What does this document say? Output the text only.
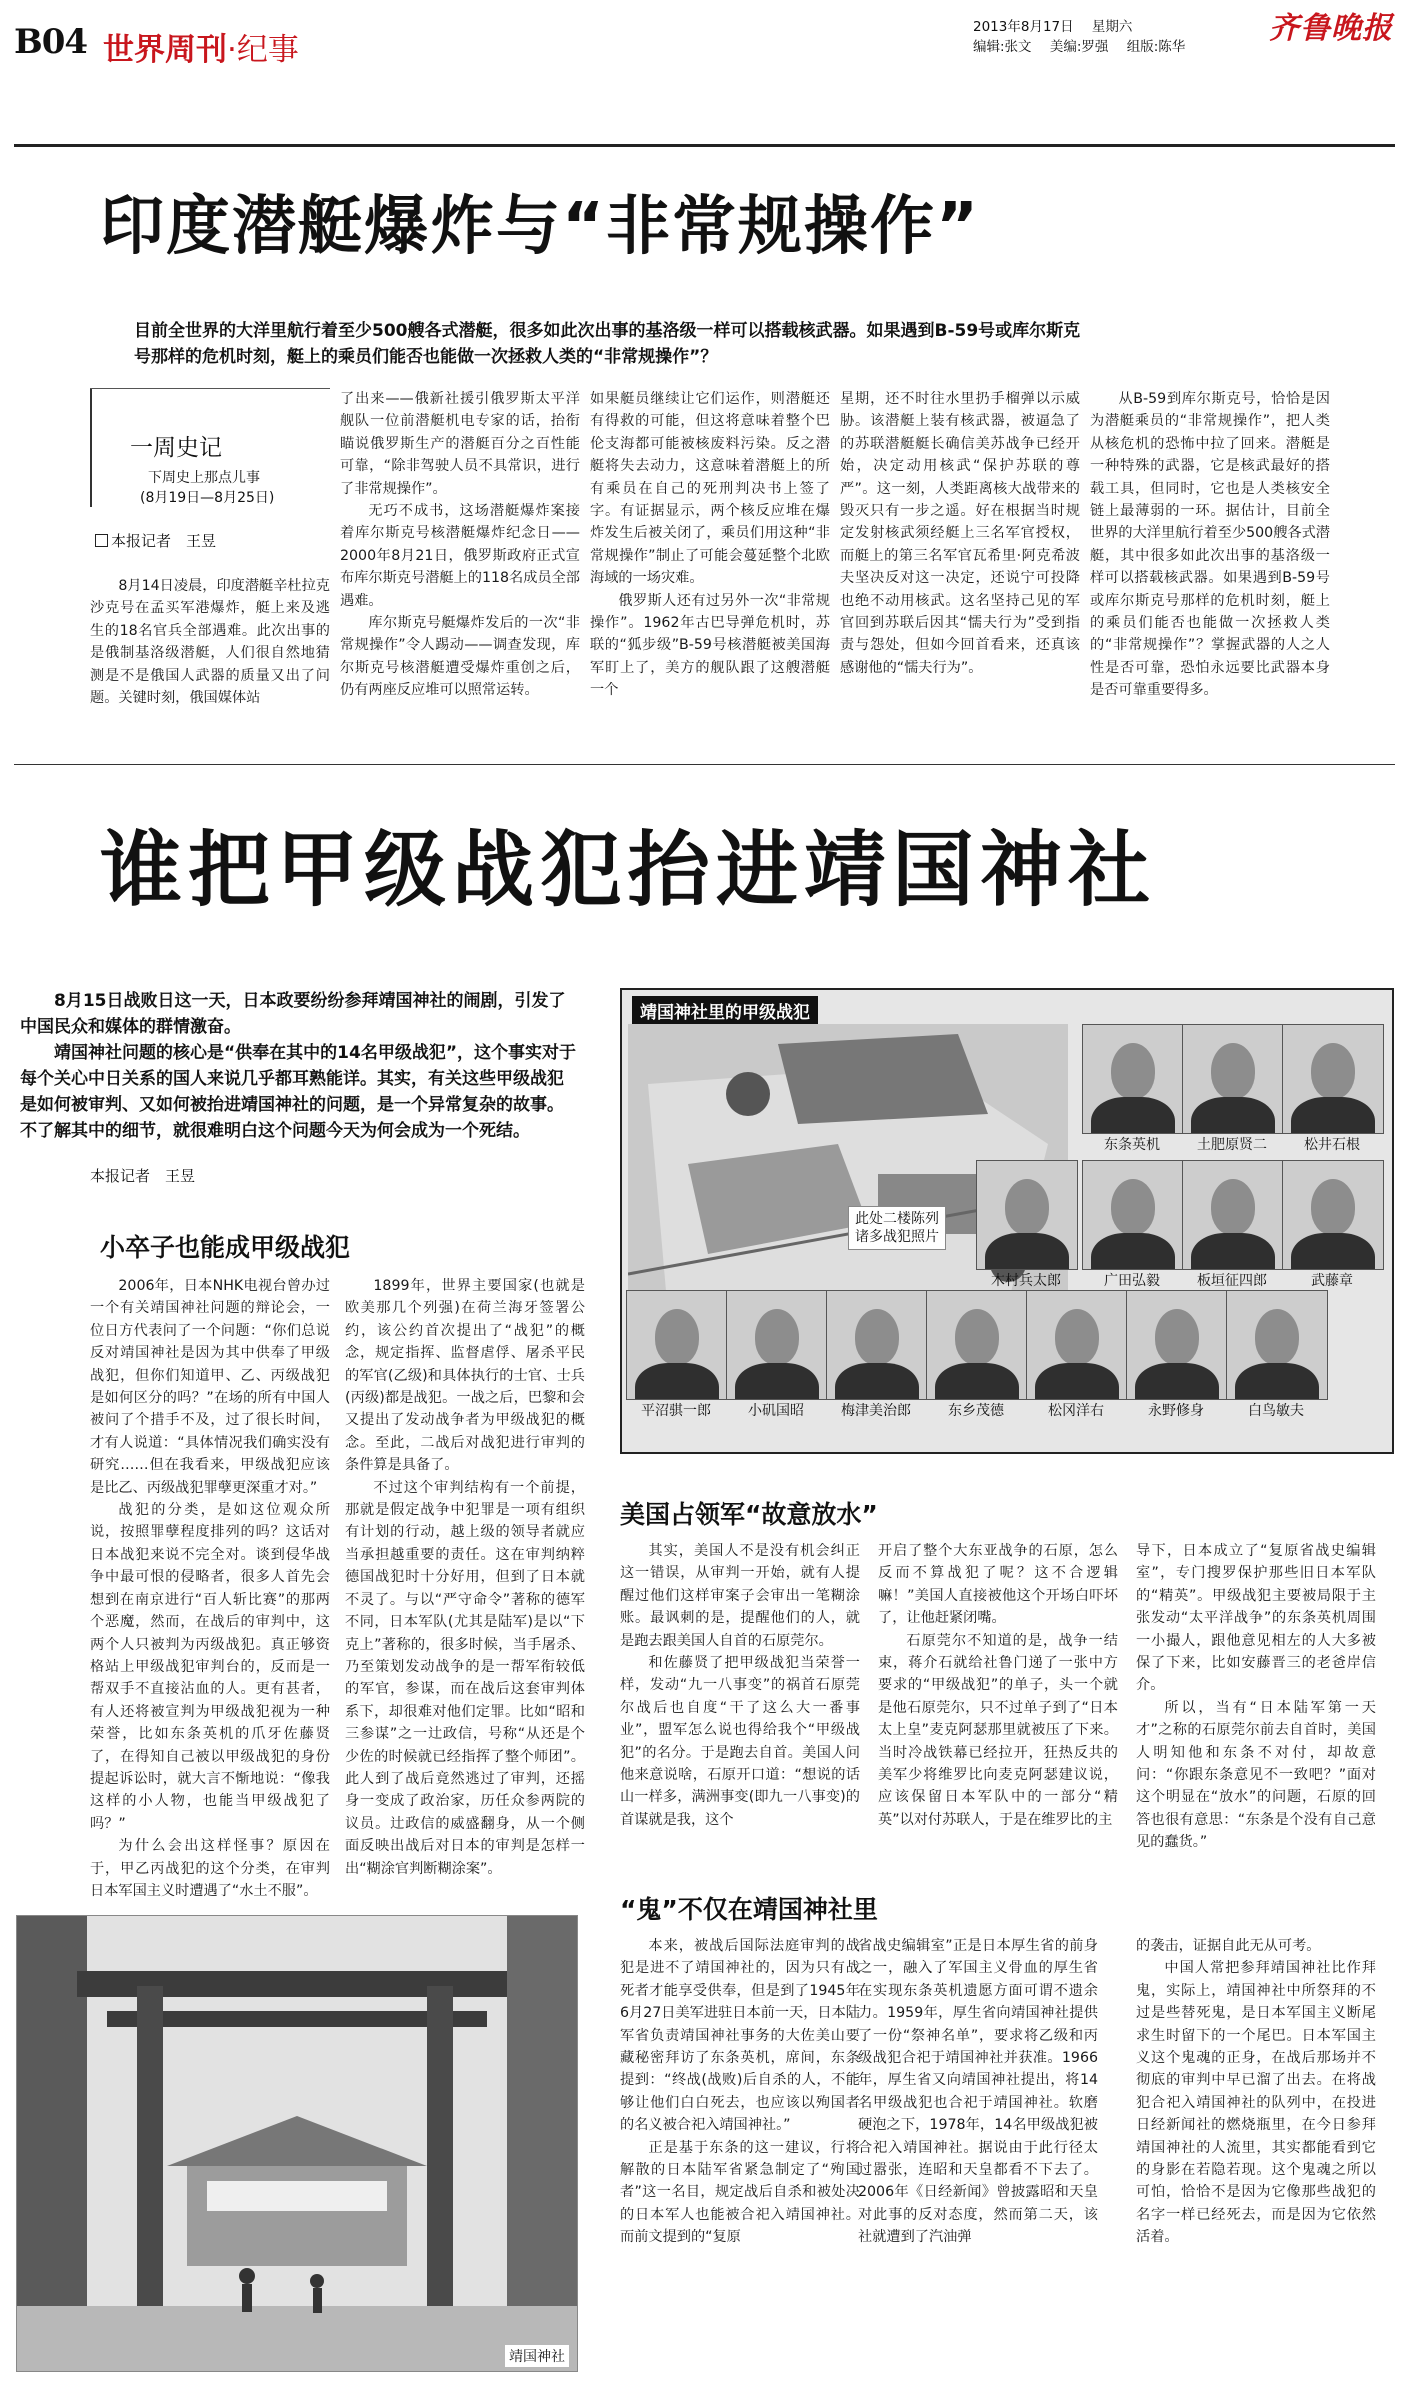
B04 世界周刊·纪事
2013年8月17日 星期六
编辑:张文 美编:罗强 组版:陈华
齐鲁晚报
印度潜艇爆炸与“非常规操作”
目前全世界的大洋里航行着至少500艘各式潜艇，很多如此次出事的基洛级一样可以搭载核武器。如果遇到B-59号或库尔斯克号那样的危机时刻，艇上的乘员们能否也能做一次拯救人类的“非常规操作”？
一周史记
下周史上那点儿事
(8月19日—8月25日)
本报记者　王昱

8月14日凌晨，印度潜艇辛杜拉克沙克号在孟买军港爆炸，艇上来及逃生的18名官兵全部遇难。此次出事的是俄制基洛级潜艇，人们很自然地猜测是不是俄国人武器的质量又出了问题。关键时刻，俄国媒体站

了出来——俄新社援引俄罗斯太平洋舰队一位前潜艇机电专家的话，抬衔瞄说俄罗斯生产的潜艇百分之百性能可靠，“除非驾驶人员不具常识，进行了非常规操作”。

无巧不成书，这场潜艇爆炸案接着库尔斯克号核潜艇爆炸纪念日——2000年8月21日，俄罗斯政府正式宣布库尔斯克号潜艇上的118名成员全部遇难。

库尔斯克号艇爆炸发后的一次“非常规操作”令人踢动——调查发现，库尔斯克号核潜艇遭受爆炸重创之后，仍有两座反应堆可以照常运转。

如果艇员继续让它们运作，则潜艇还有得救的可能，但这将意味着整个巴伦支海都可能被核废料污染。反之潜艇将失去动力，这意味着潜艇上的所有乘员在自己的死刑判决书上签了字。有证据显示，两个核反应堆在爆炸发生后被关闭了，乘员们用这种“非常规操作”制止了可能会蔓延整个北欧海域的一场灾难。

俄罗斯人还有过另外一次“非常规操作”。1962年古巴导弹危机时，苏联的“狐步级”B-59号核潜艇被美国海军盯上了，美方的舰队跟了这艘潜艇一个

星期，还不时往水里扔手榴弹以示威胁。该潜艇上装有核武器，被逼急了的苏联潜艇艇长确信美苏战争已经开始，决定动用核武“保护苏联的尊严”。这一刻，人类距离核大战带来的毁灭只有一步之遥。好在根据当时规定发射核武须经艇上三名军官授权，而艇上的第三名军官瓦希里·阿克希波夫坚决反对这一决定，还说宁可投降也绝不动用核武。这名坚持己见的军官回到苏联后因其“懦夫行为”受到指责与怨处，但如今回首看来，还真该感谢他的“懦夫行为”。

从B-59到库尔斯克号，恰恰是因为潜艇乘员的“非常规操作”，把人类从核危机的恐怖中拉了回来。潜艇是一种特殊的武器，它是核武最好的搭载工具，但同时，它也是人类核安全链上最薄弱的一环。据估计，目前全世界的大洋里航行着至少500艘各式潜艇，其中很多如此次出事的基洛级一样可以搭载核武器。如果遇到B-59号或库尔斯克号那样的危机时刻，艇上的乘员们能否也能做一次拯救人类的“非常规操作”？掌握武器的人之人性是否可靠，恐怕永远要比武器本身是否可靠重要得多。

谁把甲级战犯抬进靖国神社

8月15日战败日这一天，日本政要纷纷参拜靖国神社的闹剧，引发了中国民众和媒体的群情激奋。

靖国神社问题的核心是“供奉在其中的14名甲级战犯”，这个事实对于每个关心中日关系的国人来说几乎都耳熟能详。其实，有关这些甲级战犯是如何被审判、又如何被抬进靖国神社的问题，是一个异常复杂的故事。不了解其中的细节，就很难明白这个问题今天为何会成为一个死结。

本报记者　王昱
小卒子也能成甲级战犯

2006年，日本NHK电视台曾办过一个有关靖国神社问题的辩论会，一位日方代表问了一个问题：“你们总说反对靖国神社是因为其中供奉了甲级战犯，但你们知道甲、乙、丙级战犯是如何区分的吗？”在场的所有中国人被问了个措手不及，过了很长时间，才有人说道：“具体情况我们确实没有研究……但在我看来，甲级战犯应该是比乙、丙级战犯罪孽更深重才对。”

战犯的分类，是如这位观众所说，按照罪孽程度排列的吗？这话对日本战犯来说不完全对。谈到侵华战争中最可恨的侵略者，很多人首先会想到在南京进行“百人斩比赛”的那两个恶魔，然而，在战后的审判中，这两个人只被判为丙级战犯。真正够资格站上甲级战犯审判台的，反而是一帮双手不直接沾血的人。更有甚者，有人还将被宣判为甲级战犯视为一种荣誉，比如东条英机的爪牙佐藤贤了，在得知自己被以甲级战犯的身份提起诉讼时，就大言不惭地说：“像我这样的小人物，也能当甲级战犯了吗？”

为什么会出这样怪事？原因在于，甲乙丙战犯的这个分类，在审判日本军国主义时遭遇了“水土不服”。

1899年，世界主要国家(也就是欧美那几个列强)在荷兰海牙签署公约，该公约首次提出了“战犯”的概念，规定指挥、监督虐俘、屠杀平民的军官(乙级)和具体执行的士官、士兵(丙级)都是战犯。一战之后，巴黎和会又提出了发动战争者为甲级战犯的概念。至此，二战后对战犯进行审判的条件算是具备了。

不过这个审判结构有一个前提，那就是假定战争中犯罪是一项有组织有计划的行动，越上级的领导者就应当承担越重要的责任。这在审判纳粹德国战犯时十分好用，但到了日本就不灵了。与以“严守命令”著称的德军不同，日本军队(尤其是陆军)是以“下克上”著称的，很多时候，当手屠杀、乃至策划发动战争的是一帮军衔较低的军官，参谋，而在战后这套审判体系下，却很难对他们定罪。比如“昭和三参谋”之一辻政信，号称“从还是个少佐的时候就已经指挥了整个师团”。此人到了战后竟然逃过了审判，还摇身一变成了政治家，历任众参两院的议员。辻政信的威盛翻身，从一个侧面反映出战后对日本的审判是怎样一出“糊涂官判断糊涂案”。

靖国神社里的甲级战犯
此处二楼陈列
诸多战犯照片
东条英机	土肥原贤二	松井石根
木村兵太郎	广田弘毅	板垣征四郎	武藤章
平沼骐一郎	小矶国昭	梅津美治郎	东乡茂德	松冈洋右	永野修身	白鸟敏夫
美国占领军“故意放水”

其实，美国人不是没有机会纠正这一错误，从审判一开始，就有人提醒过他们这样审案子会审出一笔糊涂账。最讽刺的是，提醒他们的人，就是跑去跟美国人自首的石原莞尔。

和佐藤贤了把甲级战犯当荣誉一样，发动“九一八事变”的祸首石原莞尔战后也自度“干了这么大一番事业”，盟军怎么说也得给我个“甲级战犯”的名分。于是跑去自首。美国人问他来意说啥，石原开口道：“想说的话山一样多，满洲事变(即九一八事变)的首谋就是我，这个

开启了整个大东亚战争的石原，怎么反而不算战犯了呢？这不合逻辑嘛！”美国人直接被他这个开场白吓坏了，让他赶紧闭嘴。

石原莞尔不知道的是，战争一结束，蒋介石就给社鲁门递了一张中方要求的“甲级战犯”的单子，头一个就是他石原莞尔，只不过单子到了“日本太上皇”麦克阿瑟那里就被压了下来。当时冷战铁幕已经拉开，狂热反共的美军少将维罗比向麦克阿瑟建议说，应该保留日本军队中的一部分“精英”以对付苏联人，于是在维罗比的主

导下，日本成立了“复原省战史编辑室”，专门搜罗保护那些旧日本军队的“精英”。甲级战犯主要被局限于主张发动“太平洋战争”的东条英机周围一小撮人，跟他意见相左的人大多被保了下来，比如安藤晋三的老爸岸信介。

所以，当有“日本陆军第一天才”之称的石原莞尔前去自首时，美国人明知他和东条不对付，却故意问：“你跟东条意见不一致吧？”面对这个明显在“放水”的问题，石原的回答也很有意思：“东条是个没有自己意见的蠢货。”

“鬼”不仅在靖国神社里

本来，被战后国际法庭审判的战犯是进不了靖国神社的，因为只有战死者才能享受供奉，但是到了1945年6月27日美军进驻日本前一天，日本陆军省负责靖国神社事务的大佐美山要藏秘密拜访了东条英机，席间，东条提到：“终战(战败)后自杀的人，不能够让他们白白死去，也应该以殉国者的名义被合祀入靖国神社。”

正是基于东条的这一建议，行将解散的日本陆军省紧急制定了“殉国者”这一名目，规定战后自杀和被处决的日本军人也能被合祀入靖国神社。而前文提到的“复原

省战史编辑室”正是日本厚生省的前身之一，融入了军国主义骨血的厚生省在实现东条英机遗愿方面可谓不遗余力。1959年，厚生省向靖国神社提供了一份“祭神名单”，要求将乙级和丙级战犯合祀于靖国神社并获准。1966年，厚生省又向靖国神社提出，将14名甲级战犯也合祀于靖国神社。软磨硬泡之下，1978年，14名甲级战犯被合祀入靖国神社。据说由于此行径太过嚣张，连昭和天皇都看不下去了。2006年《日经新闻》曾披露昭和天皇对此事的反对态度，然而第二天，该社就遭到了汽油弹

的袭击，证据自此无从可考。

中国人常把参拜靖国神社比作拜鬼，实际上，靖国神社中所祭拜的不过是些替死鬼，是日本军国主义断尾求生时留下的一个尾巴。日本军国主义这个鬼魂的正身，在战后那场并不彻底的审判中早已溜了出去。在将战犯合祀入靖国神社的队列中，在投进日经新闻社的燃烧瓶里，在今日参拜靖国神社的人流里，其实都能看到它的身影在若隐若现。这个鬼魂之所以可怕，恰恰不是因为它像那些战犯的名字一样已经死去，而是因为它依然活着。

靖国神社
